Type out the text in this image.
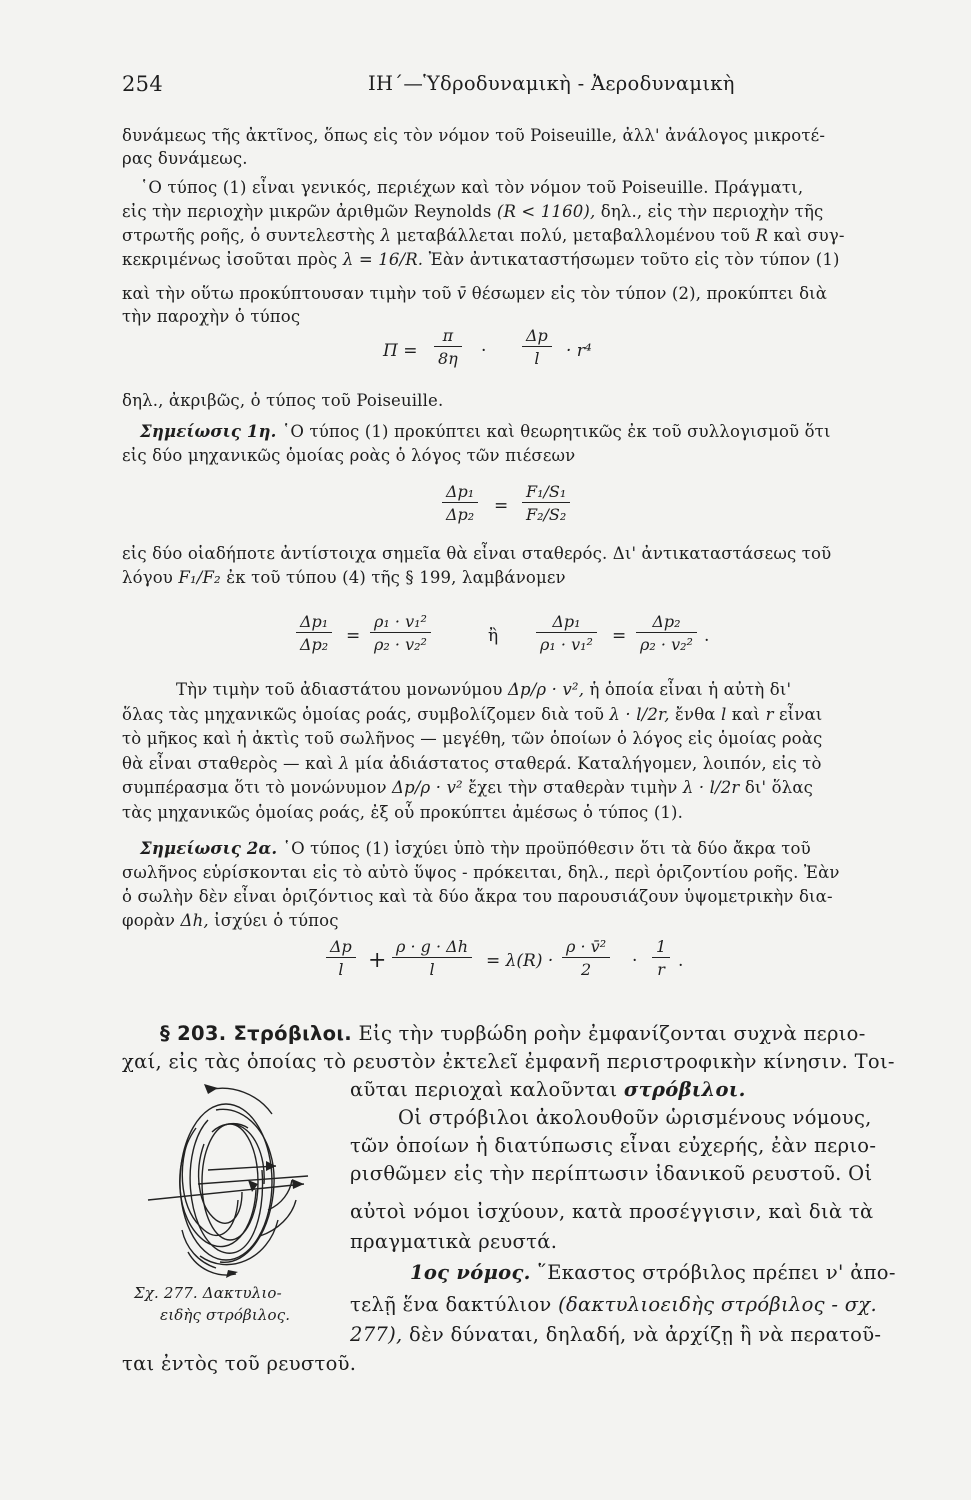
254	ΙΗ΄—Ὑδροδυναμικὴ - Ἀεροδυναμικὴ
δυνάμεως τῆς ἀκτῖνος, ὅπως εἰς τὸν νόμον τοῦ Poiseuille, ἀλλ' ἀνάλογος μικροτέ-
ρας δυνάμεως.
῾Ο τύπος (1) εἶναι γενικός, περιέχων καὶ τὸν νόμον τοῦ Poiseuille. Πράγματι,
εἰς τὴν περιοχὴν μικρῶν ἀριθμῶν Reynolds (R < 1160), δηλ., εἰς τὴν περιοχὴν τῆς
στρωτῆς ροῆς, ὁ συντελεστὴς λ μεταβάλλεται πολύ, μεταβαλλομένου τοῦ R καὶ συγ-
κεκριμένως ἰσοῦται πρὸς λ = 16/R. Ἐὰν ἀντικαταστήσωμεν τοῦτο εἰς τὸν τύπον (1)
καὶ τὴν οὕτω προκύπτουσαν τιμὴν τοῦ v̄ θέσωμεν εἰς τὸν τύπον (2), προκύπτει διὰ
τὴν παροχὴν ὁ τύπος
$\Pi = \frac{\pi}{8\eta} \cdot \frac{\Delta p}{l} \cdot r^4$
δηλ., ἀκριβῶς, ὁ τύπος τοῦ Poiseuille.
Σημείωσις 1η. ῾Ο τύπος (1) προκύπτει καὶ θεωρητικῶς ἐκ τοῦ συλλογισμοῦ ὅτι
εἰς δύο μηχανικῶς ὁμοίας ροὰς ὁ λόγος τῶν πιέσεων
$\frac{\text{Δp₁}}{\text{Δp₂}} = \frac{\text{F₁/S₁}}{\text{F₂/S₂}}$
εἰς δύο οἱαδήποτε ἀντίστοιχα σημεῖα θὰ εἶναι σταθερός. Δι' ἀντικαταστάσεως τοῦ
λόγου F₁/F₂ ἐκ τοῦ τύπου (4) τῆς § 199, λαμβάνομεν
$\frac{\text{Δp₁}}{\text{Δp₂}} = \frac{\text{ρ₁ · v₁²}}{\text{ρ₂ · v₂²}}$	ἢ $\frac{\text{Δp₁}}{\text{ρ₁ · v₁²}} = \frac{\text{Δp₂}}{\text{ρ₂ · v₂²}}$ .
Τὴν τιμὴν τοῦ ἀδιαστάτου μονωνύμου Δp/ρ · v², ἡ ὁποία εἶναι ἡ αὐτὴ δι'
ὅλας τὰς μηχανικῶς ὁμοίας ροάς, συμβολίζομεν διὰ τοῦ λ · l/2r, ἔνθα l καὶ r εἶναι
τὸ μῆκος καὶ ἡ ἀκτὶς τοῦ σωλῆνος — μεγέθη, τῶν ὁποίων ὁ λόγος εἰς ὁμοίας ροὰς
θὰ εἶναι σταθερὸς — καὶ λ μία ἀδιάστατος σταθερά. Καταλήγομεν, λοιπόν, εἰς τὸ
συμπέρασμα ὅτι τὸ μονώνυμον Δp/ρ · v² ἔχει τὴν σταθερὰν τιμὴν λ · l/2r δι' ὅλας
τὰς μηχανικῶς ὁμοίας ροάς, ἐξ οὗ προκύπτει ἀμέσως ὁ τύπος (1).
Σημείωσις 2α. ῾Ο τύπος (1) ἰσχύει ὑπὸ τὴν προϋπόθεσιν ὅτι τὰ δύο ἄκρα τοῦ
σωλῆνος εὑρίσκονται εἰς τὸ αὐτὸ ὕψος - πρόκειται, δηλ., περὶ ὁριζοντίου ροῆς. Ἐὰν
ὁ σωλὴν δὲν εἶναι ὁριζόντιος καὶ τὰ δύο ἄκρα του παρουσιάζουν ὑψομετρικὴν δια-
φορὰν Δh, ἰσχύει ὁ τύπος
$\frac{\Delta p}{l} + \frac{\rho \cdot g \cdot \Delta h}{l} = \lambda(R) \cdot \frac{\text{ρ · v̄²}}{2} \cdot \frac{1}{r}$ .
§ 203. Στρόβιλοι. Εἰς τὴν τυρβώδη ροὴν ἐμφανίζονται συχνὰ περιο-
χαί, εἰς τὰς ὁποίας τὸ ρευστὸν ἐκτελεῖ ἐμφανῆ περιστροφικὴν κίνησιν. Τοι-
αῦται περιοχαὶ καλοῦνται στρόβιλοι.
Οἱ στρόβιλοι ἀκολουθοῦν ὡρισμένους νόμους,
τῶν ὁποίων ἡ διατύπωσις εἶναι εὐχερής, ἐὰν περιο-
ρισθῶμεν εἰς τὴν περίπτωσιν ἰδανικοῦ ρευστοῦ. Οἱ
αὐτοὶ νόμοι ἰσχύουν, κατὰ προσέγγισιν, καὶ διὰ τὰ
πραγματικὰ ρευστά.
1ος νόμος. ῞Εκαστος στρόβιλος πρέπει ν' ἀπο-
τελῇ ἕνα δακτύλιον (δακτυλιοειδὴς στρόβιλος - σχ.
277), δὲν δύναται, δηλαδή, νὰ ἀρχίζῃ ἢ νὰ περατοῦ-
ται ἐντὸς τοῦ ρευστοῦ.
Σχ. 277. Δακτυλιο-
ειδὴς στρόβιλος.
